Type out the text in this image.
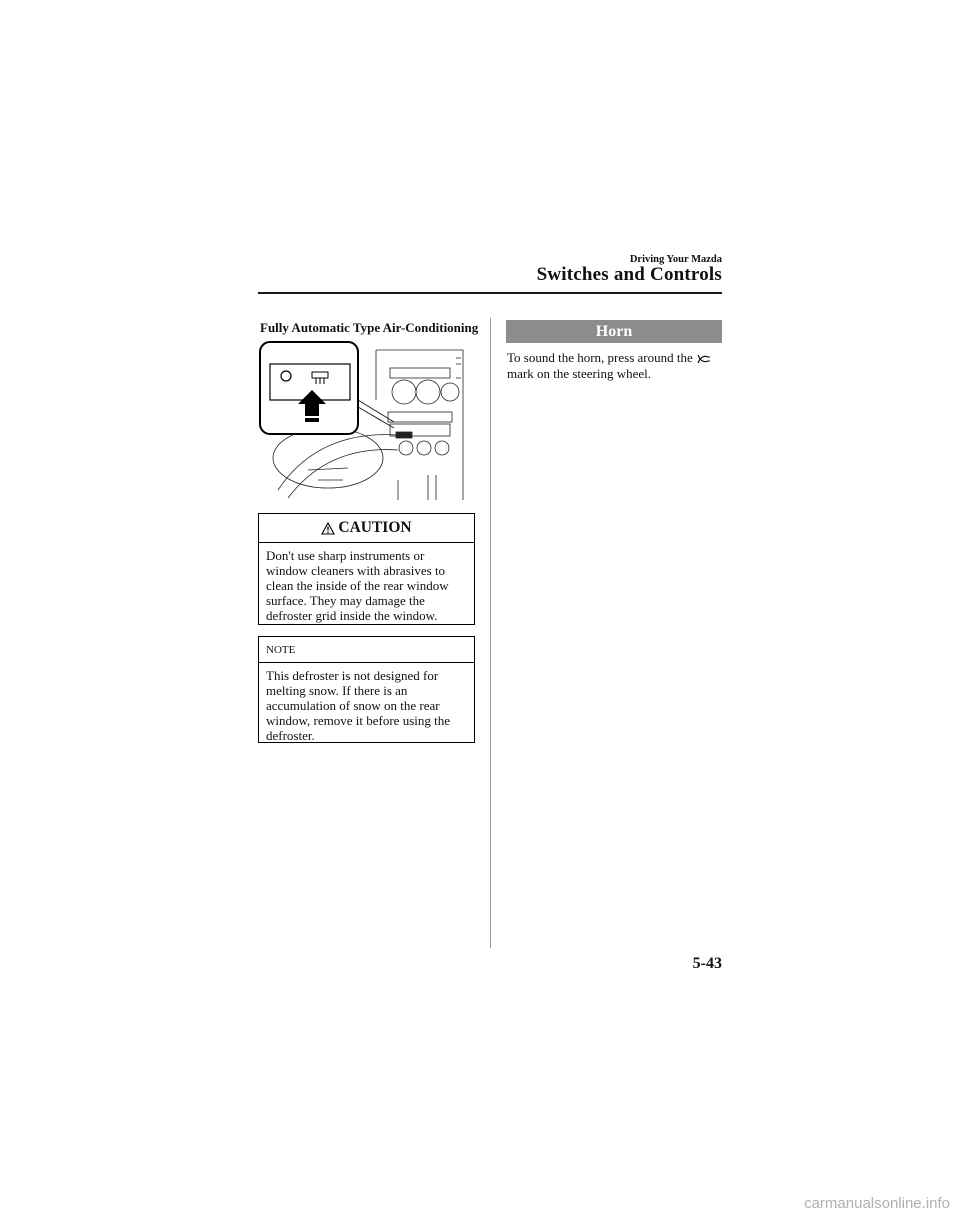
Driving Your Mazda
Switches and Controls
Fully Automatic Type Air-Conditioning
CAUTION
Don't use sharp instruments or window cleaners with abrasives to clean the inside of the rear window surface. They may damage the defroster grid inside the window.
NOTE
This defroster is not designed for melting snow. If there is an accumulation of snow on the rear window, remove it before using the defroster.
Horn
To sound the horn, press around the  mark on the steering wheel.
5-43
carmanualsonline.info
